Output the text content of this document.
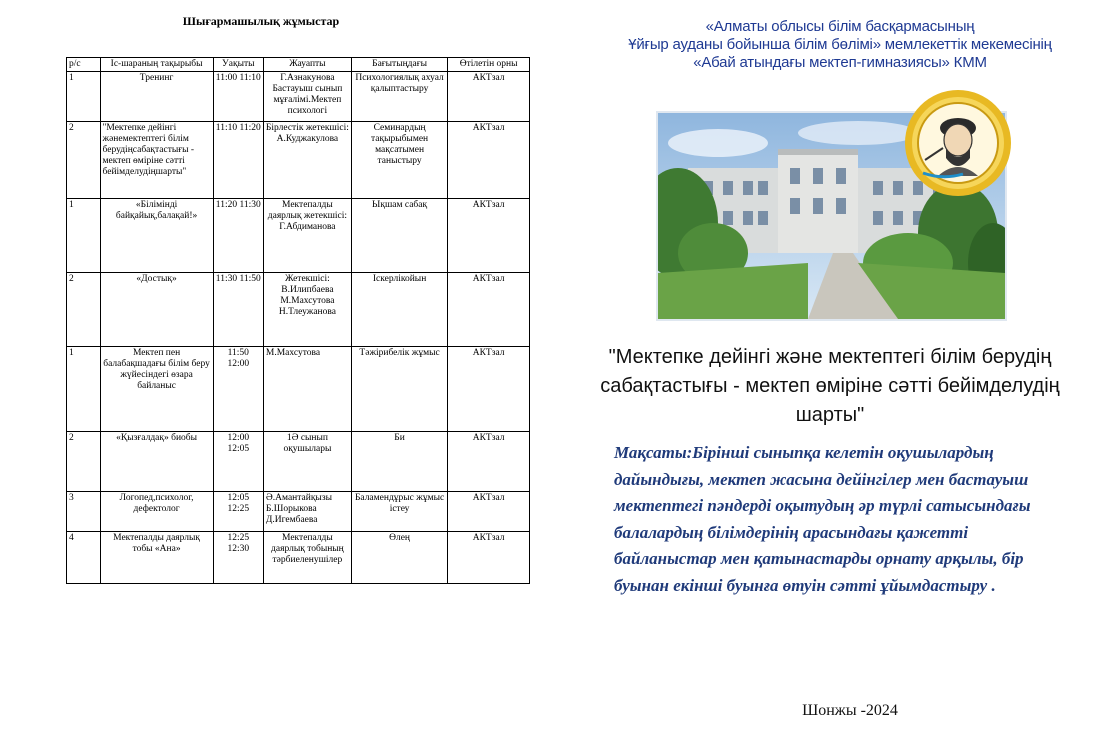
Шығармашылық жұмыстар
р/с	Іс-шараның тақырыбы	Уақыты	Жауапты	Бағытыңдағы	Өтілетін орны
1	Тренинг	11:00 11:10	Г.Азнакунова Бастауыш сынып мұғалімі.Мектеп психологі	Психологиялық ахуал қалыптастыру	АКТзал
2	"Мектепке дейінгі жәнемектептегі білім берудіңсабақтастығы - мектеп өміріне сәтті бейімделудіңшарты"	11:10 11:20	Бірлестік жетекшісі: А.Куджакулова	Семинардың тақырыбымен мақсатымен таныстыру	АКТзал
1	«Білімінді байқайық,балақай!»	11:20 11:30	Мектепалды даярлық жетекшісі: Г.Абдиманова	Ықшам сабақ	АКТзал
2	«Достық»	11:30 11:50	Жетекшісі: В.Илипбаева М.Махсутова Н.Тлеужанова	Іскерлікойын	АКТзал
1	Мектеп пен балабақшадағы білім беру жүйесіндегі өзара байланыс	11:50 12:00	М.Махсутова	Тәжірибелік жұмыс	АКТзал
2	«Қызғалдақ» биобы	12:00 12:05	1Ә сынып оқушылары	Би	АКТзал
3	Логопед,психолог, дефектолог	12:05 12:25	Ә.Амантайқызы Б.Шорыкова Д.Игембаева	Баламендұрыс жұмыс істеу	АКТзал
4	Мектепалды даярлық тобы «Ана»	12:25 12:30	Мектепалды даярлық тобының тәрбиеленушілер	Өлең	АКТзал
«Алматы облысы білім басқармасының
Ұйғыр ауданы бойынша білім бөлімі» мемлекеттік мекемесінің
«Абай атындағы мектеп-гимназиясы» КММ
"Мектепке дейінгі және мектептегі білім берудің сабақтастығы - мектеп өміріне сәтті бейімделудің шарты"
Мақсаты:Бірінші сыныпқа келетін оқушылардың дайындығы, мектеп жасына дейінгілер мен бастауыш мектептегі пәндерді оқытудың әр түрлі сатысындағы балалардың білімдерінің арасындағы қажетті байланыстар мен қатынастарды орнату арқылы, бір буынан екінші буынға өтуін сәтті ұйымдастыру .
Шонжы -2024
